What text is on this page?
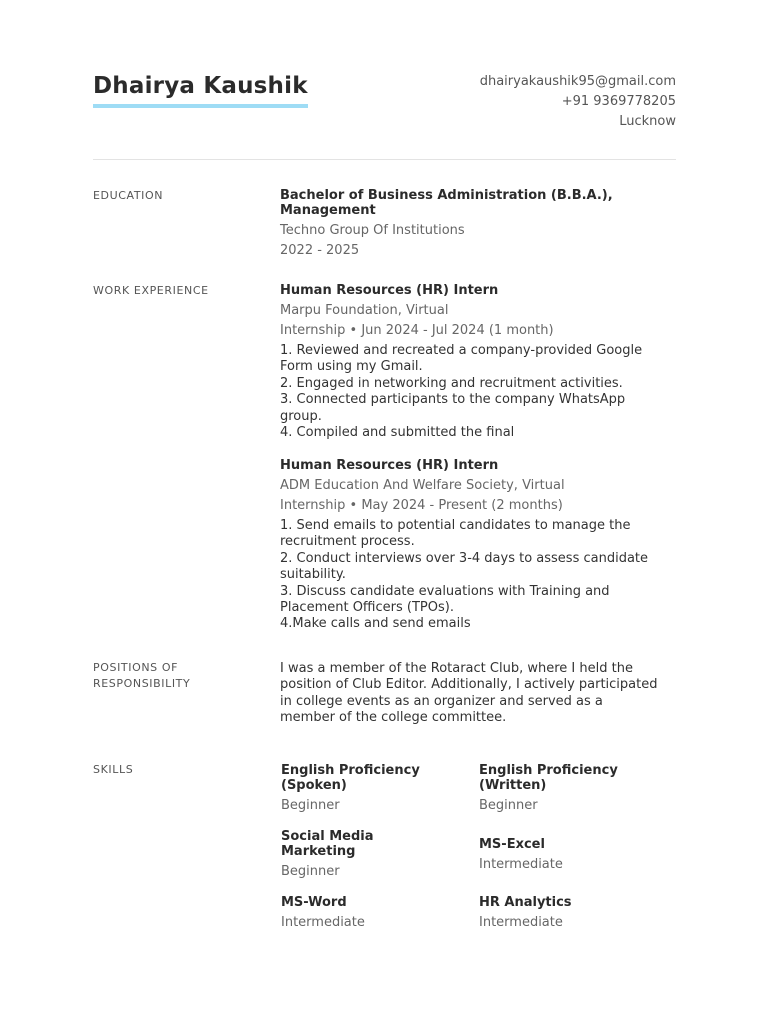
Dhairya Kaushik	dhairyakaushik95@gmail.com
+91 9369778205
Lucknow
EDUCATION	Bachelor of Business Administration (B.B.A.),
Management
Techno Group Of Institutions
2022 - 2025
WORK EXPERIENCE	Human Resources (HR) Intern
Marpu Foundation, Virtual
Internship • Jun 2024 - Jul 2024 (1 month)
1. Reviewed and recreated a company-provided Google
Form using my Gmail.
2. Engaged in networking and recruitment activities.
3. Connected participants to the company WhatsApp
group.
4. Compiled and submitted the final
Human Resources (HR) Intern
ADM Education And Welfare Society, Virtual
Internship • May 2024 - Present (2 months)
1. Send emails to potential candidates to manage the
recruitment process.
2. Conduct interviews over 3-4 days to assess candidate
suitability.
3. Discuss candidate evaluations with Training and
Placement Officers (TPOs).
4.Make calls and send emails
POSITIONS OF
RESPONSIBILITY
I was a member of the Rotaract Club, where I held the
position of Club Editor. Additionally, I actively participated
in college events as an organizer and served as a
member of the college committee.
SKILLS	English Proficiency
(Spoken)
Beginner
English Proficiency
(Written)
Beginner
Social Media
Marketing
Beginner
MS-Excel
Intermediate
MS-Word
Intermediate
HR Analytics
Intermediate
